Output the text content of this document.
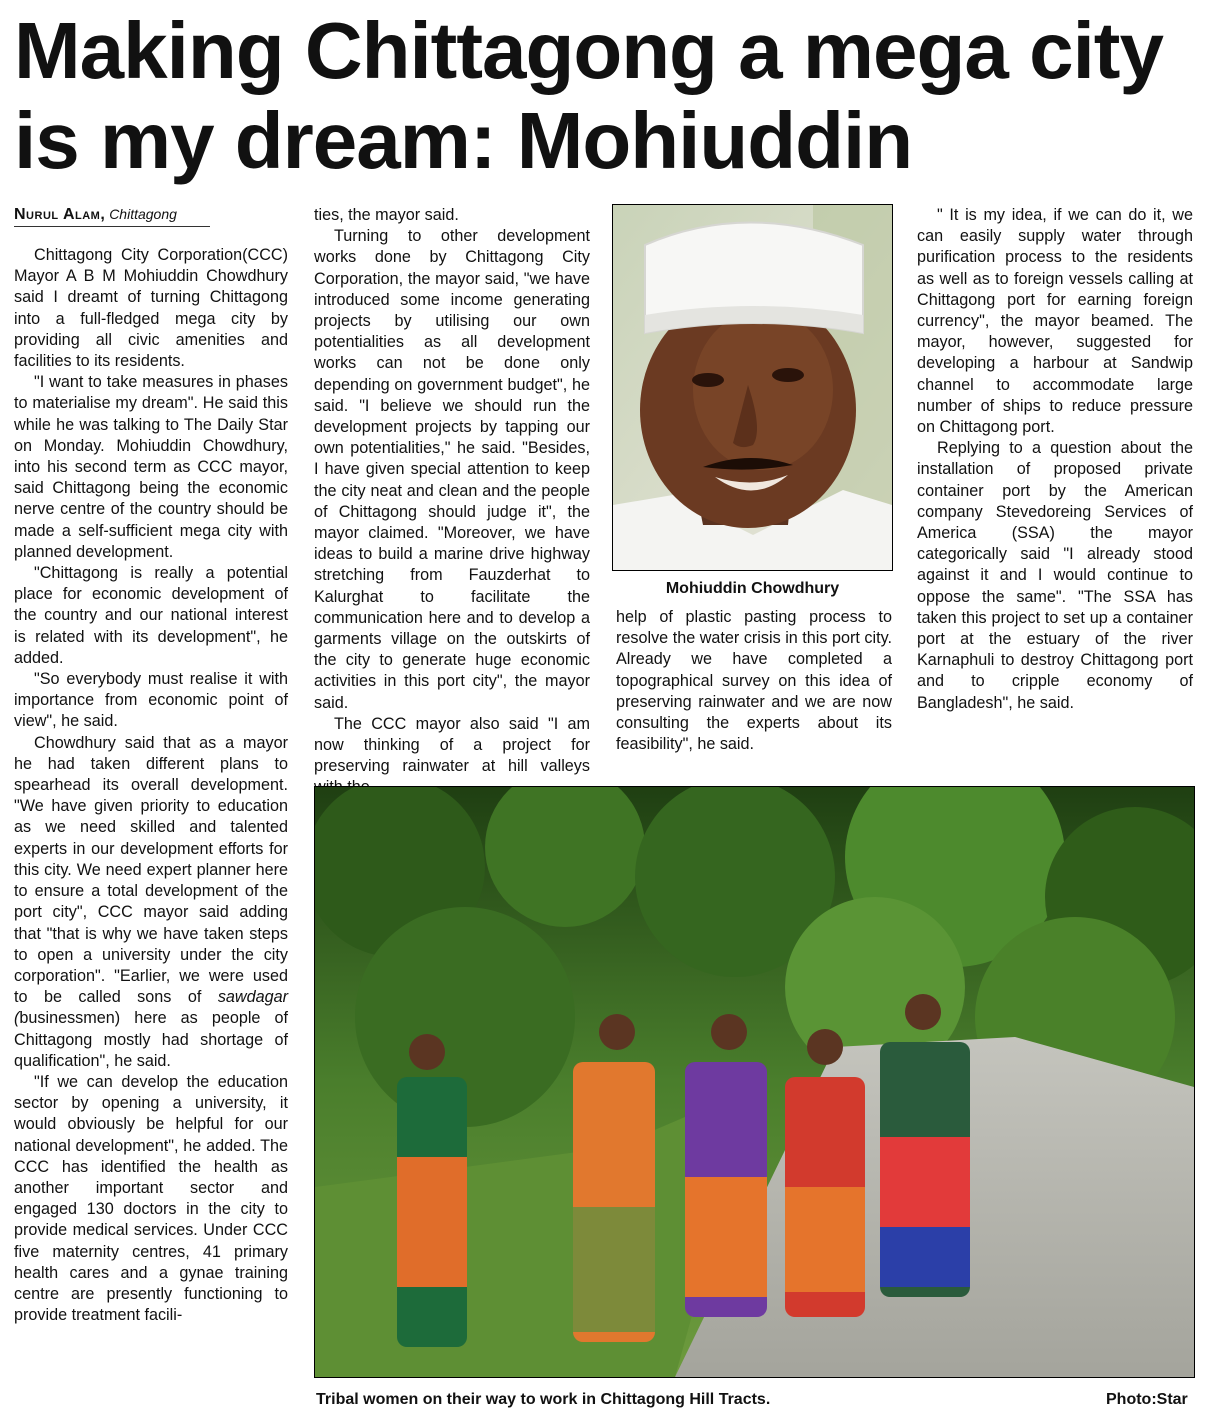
Making Chittagong a mega city
is my dream: Mohiuddin
Nurul Alam, Chittagong

Chittagong City Corporation(CCC) Mayor A B M Mohiuddin Chowdhury said I dreamt of turning Chittagong into a full-fledged mega city by providing all civic amenities and facilities to its residents.

"I want to take measures in phases to materialise my dream". He said this while he was talking to The Daily Star on Monday. Mohiuddin Chowdhury, into his second term as CCC mayor, said Chittagong being the economic nerve centre of the country should be made a self-sufficient mega city with planned development.

"Chittagong is really a potential place for economic development of the country and our national interest is related with its development", he added.

"So everybody must realise it with importance from economic point of view", he said.

Chowdhury said that as a mayor he had taken different plans to spearhead its overall development. "We have given priority to education as we need skilled and talented experts in our development efforts for this city. We need expert planner here to ensure a total development of the port city", CCC mayor said adding that "that is why we have taken steps to open a university under the city corporation". "Earlier, we were used to be called sons of sawdagar (businessmen) here as people of Chittagong mostly had shortage of qualification", he said.

"If we can develop the education sector by opening a university, it would obviously be helpful for our national development", he added. The CCC has identified the health as another important sector and engaged 130 doctors in the city to provide medical services. Under CCC five maternity centres, 41 primary health cares and a gynae training centre are presently functioning to provide treatment facili-

ties, the mayor said.

Turning to other development works done by Chittagong City Corporation, the mayor said, "we have introduced some income generating projects by utilising our own potentialities as all development works can not be done only depending on government budget", he said. "I believe we should run the development projects by tapping our own potentialities," he said. "Besides, I have given special attention to keep the city neat and clean and the people of Chittagong should judge it", the mayor claimed. "Moreover, we have ideas to build a marine drive highway stretching from Fauzderhat to Kalurghat to facilitate the communication here and to develop a garments village on the outskirts of the city to generate huge economic activities in this port city", the mayor said.

The CCC mayor also said "I am now thinking of a project for preserving rainwater at hill valleys

Mohiuddin Chowdhury

help of plastic pasting process to resolve the water crisis in this port city. Already we have completed a topographical survey on this idea of preserving rainwater and we are now consulting the experts about its feasibility", he said.

" It is my idea, if we can do it, we can easily supply water through purification process to the residents as well as to foreign vessels calling at Chittagong port for earning foreign currency", the mayor beamed. The mayor, however, suggested for developing a harbour at Sandwip channel to accommodate large number of ships to reduce pressure on Chittagong port.

Replying to a question about the installation of proposed private container port by the American company Stevedoreing Services of America (SSA) the mayor categorically said "I already stood against it and I would continue to oppose the same". "The SSA has taken this project to set up a container port at the estuary of the river Karnaphuli to destroy Chittagong port and to cripple economy of Bangladesh", he said.

Tribal women on their way to work in Chittagong Hill Tracts.	Photo:Star
